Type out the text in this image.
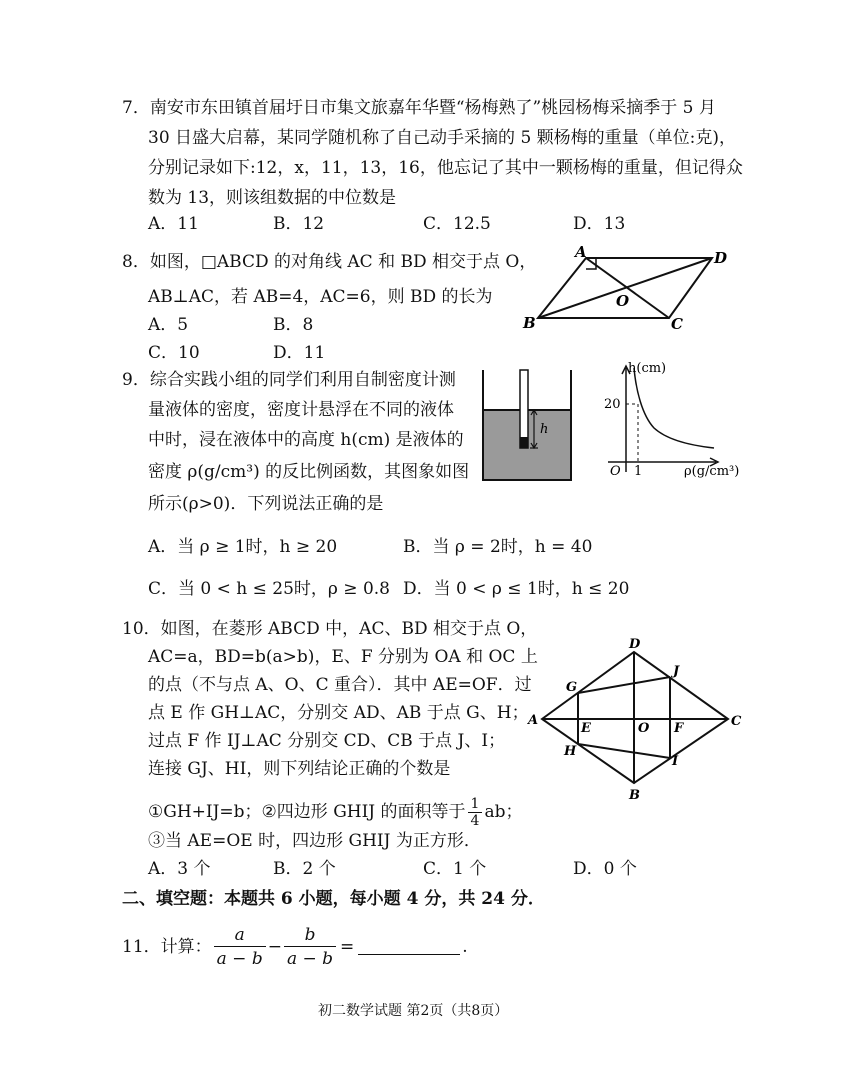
7．南安市东田镇首届圩日市集文旅嘉年华暨“杨梅熟了”桃园杨梅采摘季于 5 月
30 日盛大启幕，某同学随机称了自己动手采摘的 5 颗杨梅的重量（单位:克)，
分别记录如下:12，x，11，13，16，他忘记了其中一颗杨梅的重量，但记得众
数为 13，则该组数据的中位数是
A．11	B．12	C．12.5	D．13
8．如图，□ABCD 的对角线 AC 和 BD 相交于点 O，
AB⊥AC，若 AB=4，AC=6，则 BD 的长为
A．5	B．8
C．10	D．11
A	D
O
B	C
9．综合实践小组的同学们利用自制密度计测
量液体的密度，密度计悬浮在不同的液体
中时，浸在液体中的高度 h(cm) 是液体的
密度 ρ(g/cm³) 的反比例函数，其图象如图
所示(ρ>0)．下列说法正确的是
A．当 ρ ≥ 1时，h ≥ 20	B．当 ρ = 2时，h = 40
C．当 0 < h ≤ 25时，ρ ≥ 0.8 D．当 0 < ρ ≤ 1时，h ≤ 20
h
h(cm)
20
O 1	ρ(g/cm³)
10．如图，在菱形 ABCD 中，AC、BD 相交于点 O，
AC=a，BD=b(a>b)，E、F 分别为 OA 和 OC 上
的点（不与点 A、O、C 重合）．其中 AE=OF．过
点 E 作 GH⊥AC，分别交 AD、AB 于点 G、H；
过点 F 作 IJ⊥AC 分别交 CD、CB 于点 J、I；
连接 GJ、HI，则下列结论正确的个数是
①GH+IJ=b；②四边形 GHIJ 的面积等于 $\frac{1}{4}$ ab；
③当 AE=OE 时，四边形 GHIJ 为正方形．
A．3 个	B．2 个	C．1 个	D．0 个
D
J
G
A
E	O F	C
H
I
B
二、填空题：本题共 6 小题，每小题 4 分，共 24 分．
11．计算： $\frac{a}{a - b} - \frac{b}{a - b}$ =	.
初二数学试题 第2页（共8页）
